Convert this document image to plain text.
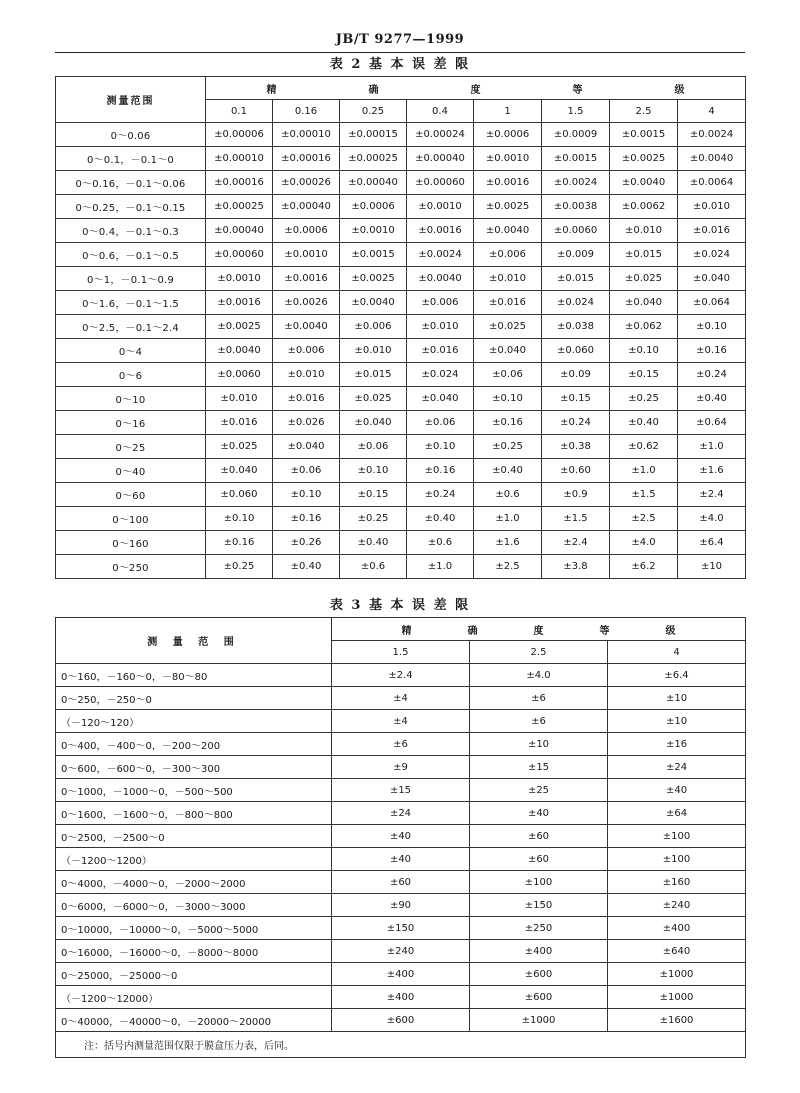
JB/T 9277—1999
表 2 基 本 误 差 限
测量范围	精 确 度 等 级							
	0.1	0.16	0.25	0.4	1	1.5	2.5	4
0～0.06	±0.00006	±0.00010	±0.00015	±0.00024	±0.0006	±0.0009	±0.0015	±0.0024
0～0.1，－0.1～0	±0.00010	±0.00016	±0.00025	±0.00040	±0.0010	±0.0015	±0.0025	±0.0040
0～0.16，－0.1～0.06	±0.00016	±0.00026	±0.00040	±0.00060	±0.0016	±0.0024	±0.0040	±0.0064
0～0.25，－0.1～0.15	±0.00025	±0.00040	±0.0006	±0.0010	±0.0025	±0.0038	±0.0062	±0.010
0～0.4，－0.1～0.3	±0.00040	±0.0006	±0.0010	±0.0016	±0.0040	±0.0060	±0.010	±0.016
0～0.6，－0.1～0.5	±0.00060	±0.0010	±0.0015	±0.0024	±0.006	±0.009	±0.015	±0.024
0～1，－0.1～0.9	±0.0010	±0.0016	±0.0025	±0.0040	±0.010	±0.015	±0.025	±0.040
0～1.6，－0.1～1.5	±0.0016	±0.0026	±0.0040	±0.006	±0.016	±0.024	±0.040	±0.064
0～2.5，－0.1～2.4	±0.0025	±0.0040	±0.006	±0.010	±0.025	±0.038	±0.062	±0.10
0～4	±0.0040	±0.006	±0.010	±0.016	±0.040	±0.060	±0.10	±0.16
0～6	±0.0060	±0.010	±0.015	±0.024	±0.06	±0.09	±0.15	±0.24
0～10	±0.010	±0.016	±0.025	±0.040	±0.10	±0.15	±0.25	±0.40
0～16	±0.016	±0.026	±0.040	±0.06	±0.16	±0.24	±0.40	±0.64
0～25	±0.025	±0.040	±0.06	±0.10	±0.25	±0.38	±0.62	±1.0
0～40	±0.040	±0.06	±0.10	±0.16	±0.40	±0.60	±1.0	±1.6
0～60	±0.060	±0.10	±0.15	±0.24	±0.6	±0.9	±1.5	±2.4
0～100	±0.10	±0.16	±0.25	±0.40	±1.0	±1.5	±2.5	±4.0
0～160	±0.16	±0.26	±0.40	±0.6	±1.6	±2.4	±4.0	±6.4
0～250	±0.25	±0.40	±0.6	±1.0	±2.5	±3.8	±6.2	±10
表 3 基 本 误 差 限
测 量 范 围	精 确 度 等 级		
	1.5	2.5	4
0～160，－160～0，－80～80	±2.4	±4.0	±6.4
0～250，－250～0	±4	±6	±10
（－120～120）	±4	±6	±10
0～400，－400～0，－200～200	±6	±10	±16
0～600，－600～0，－300～300	±9	±15	±24
0～1000，－1000～0，－500～500	±15	±25	±40
0～1600，－1600～0，－800～800	±24	±40	±64
0～2500，－2500～0	±40	±60	±100
（－1200～1200）	±40	±60	±100
0～4000，－4000～0，－2000～2000	±60	±100	±160
0～6000，－6000～0，－3000～3000	±90	±150	±240
0～10000，－10000～0，－5000～5000	±150	±250	±400
0～16000，－16000～0，－8000～8000	±240	±400	±640
0～25000，－25000～0	±400	±600	±1000
（－1200～12000）	±400	±600	±1000
0～40000，－40000～0，－20000～20000	±600	±1000	±1600
注：括号内测量范围仅限于膜盒压力表，后同。			
